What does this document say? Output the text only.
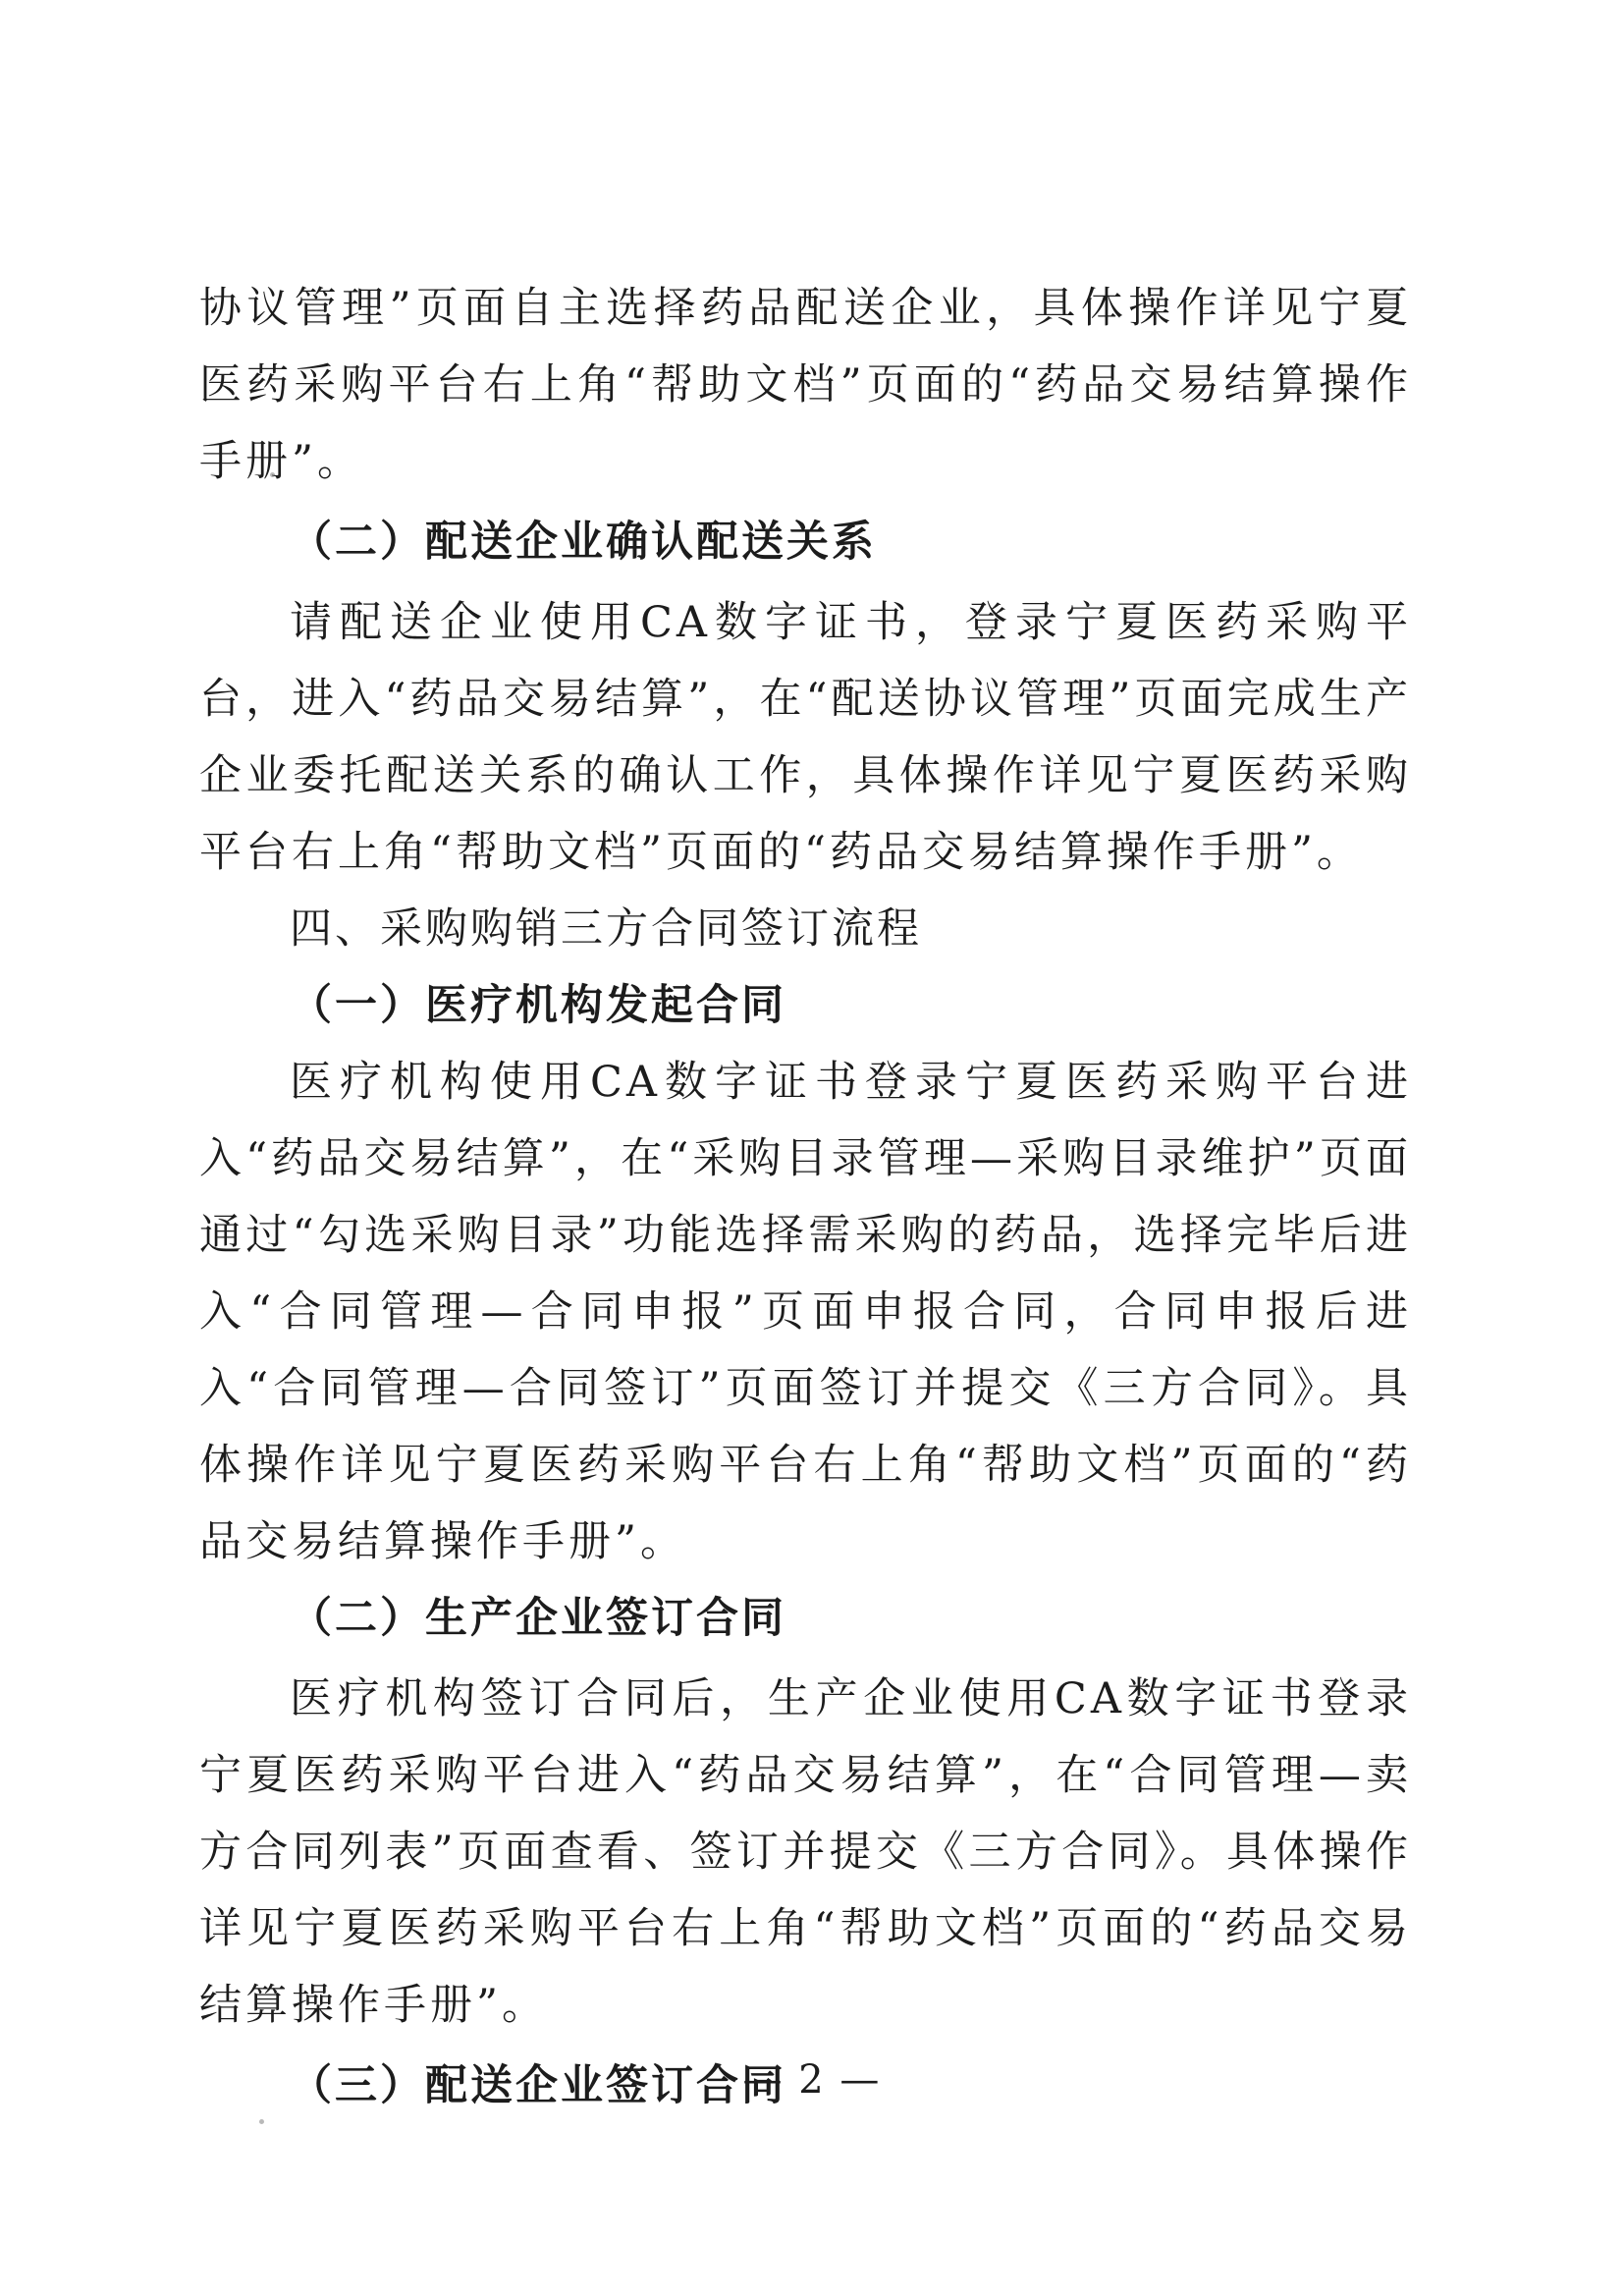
协议管理”页面自主选择药品配送企业，具体操作详见宁夏医药采购平台右上角“帮助文档”页面的“药品交易结算操作手册”。

（二）配送企业确认配送关系

请配送企业使用CA数字证书，登录宁夏医药采购平台，进入“药品交易结算”，在“配送协议管理”页面完成生产企业委托配送关系的确认工作，具体操作详见宁夏医药采购平台右上角“帮助文档”页面的“药品交易结算操作手册”。

四、采购购销三方合同签订流程

（一）医疗机构发起合同

医疗机构使用CA数字证书登录宁夏医药采购平台进入“药品交易结算”，在“采购目录管理—采购目录维护”页面通过“勾选采购目录”功能选择需采购的药品，选择完毕后进入“合同管理—合同申报”页面申报合同，合同申报后进入“合同管理—合同签订”页面签订并提交《三方合同》。具体操作详见宁夏医药采购平台右上角“帮助文档”页面的“药品交易结算操作手册”。

（二）生产企业签订合同

医疗机构签订合同后，生产企业使用CA数字证书登录宁夏医药采购平台进入“药品交易结算”，在“合同管理—卖方合同列表”页面查看、签订并提交《三方合同》。具体操作详见宁夏医药采购平台右上角“帮助文档”页面的“药品交易结算操作手册”。

（三）配送企业签订合同

— 2 —
